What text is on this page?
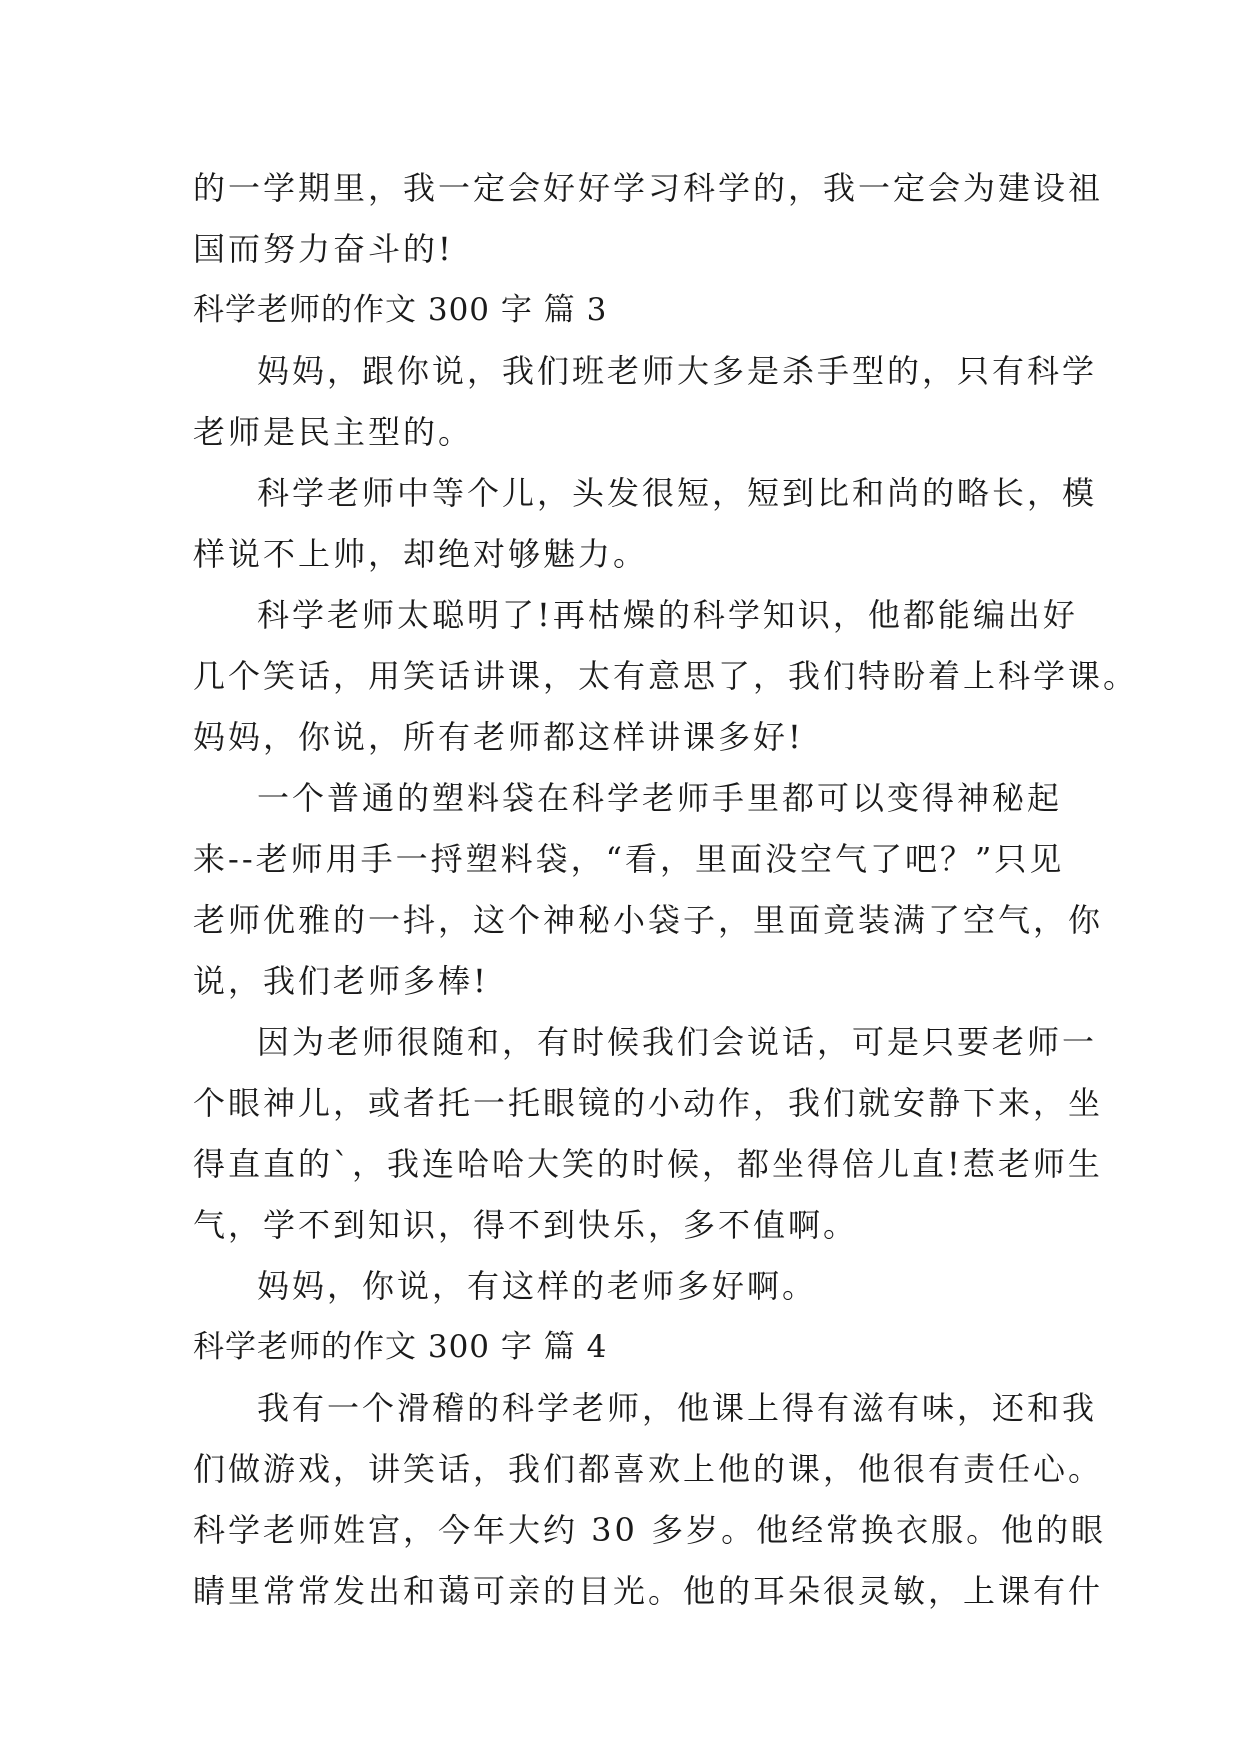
的一学期里，我一定会好好学习科学的，我一定会为建设祖
国而努力奋斗的!
科学老师的作文 300 字 篇 3
妈妈，跟你说，我们班老师大多是杀手型的，只有科学
老师是民主型的。
科学老师中等个儿，头发很短，短到比和尚的略长，模
样说不上帅，却绝对够魅力。
科学老师太聪明了!再枯燥的科学知识，他都能编出好
几个笑话，用笑话讲课，太有意思了，我们特盼着上科学课。
妈妈，你说，所有老师都这样讲课多好!
一个普通的塑料袋在科学老师手里都可以变得神秘起
来--老师用手一捋塑料袋，“看，里面没空气了吧？”只见
老师优雅的一抖，这个神秘小袋子，里面竟装满了空气，你
说，我们老师多棒!
因为老师很随和，有时候我们会说话，可是只要老师一
个眼神儿，或者托一托眼镜的小动作，我们就安静下来，坐
得直直的`，我连哈哈大笑的时候，都坐得倍儿直!惹老师生
气，学不到知识，得不到快乐，多不值啊。
妈妈，你说，有这样的老师多好啊。
科学老师的作文 300 字 篇 4
我有一个滑稽的科学老师，他课上得有滋有味，还和我
们做游戏，讲笑话，我们都喜欢上他的课，他很有责任心。
科学老师姓宫，今年大约 30 多岁。他经常换衣服。他的眼
睛里常常发出和蔼可亲的目光。他的耳朵很灵敏，上课有什
